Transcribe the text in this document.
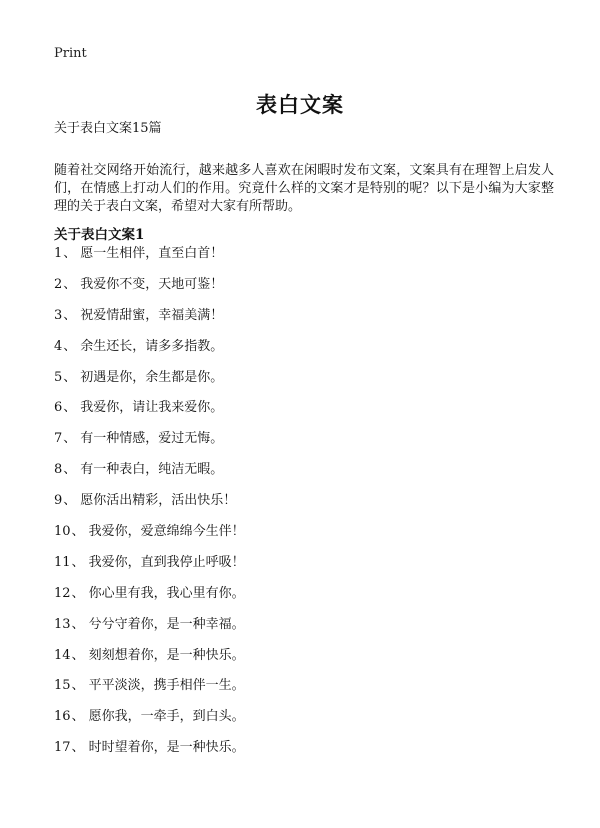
Print
表白文案
关于表白文案15篇

随着社交网络开始流行，越来越多人喜欢在闲暇时发布文案，文案具有在理智上启发人们，在情感上打动人们的作用。究竟什么样的文案才是特别的呢？以下是小编为大家整理的关于表白文案，希望对大家有所帮助。

关于表白文案1
1 、 愿一生相伴，直至白首！
2 、 我爱你不变，天地可鉴！
3 、 祝爱情甜蜜，幸福美满！
4 、 余生还长，请多多指教。
5 、 初遇是你，余生都是你。
6 、 我爱你，请让我来爱你。
7 、 有一种情感，爱过无悔。
8 、 有一种表白，纯洁无暇。
9 、 愿你活出精彩，活出快乐！
10 、 我爱你，爱意绵绵今生伴！
11 、 我爱你，直到我停止呼吸！
12 、 你心里有我，我心里有你。
13 、 兮兮守着你，是一种幸福。
14 、 刻刻想着你，是一种快乐。
15 、 平平淡淡，携手相伴一生。
16 、 愿你我，一牵手，到白头。
17 、 时时望着你，是一种快乐。
